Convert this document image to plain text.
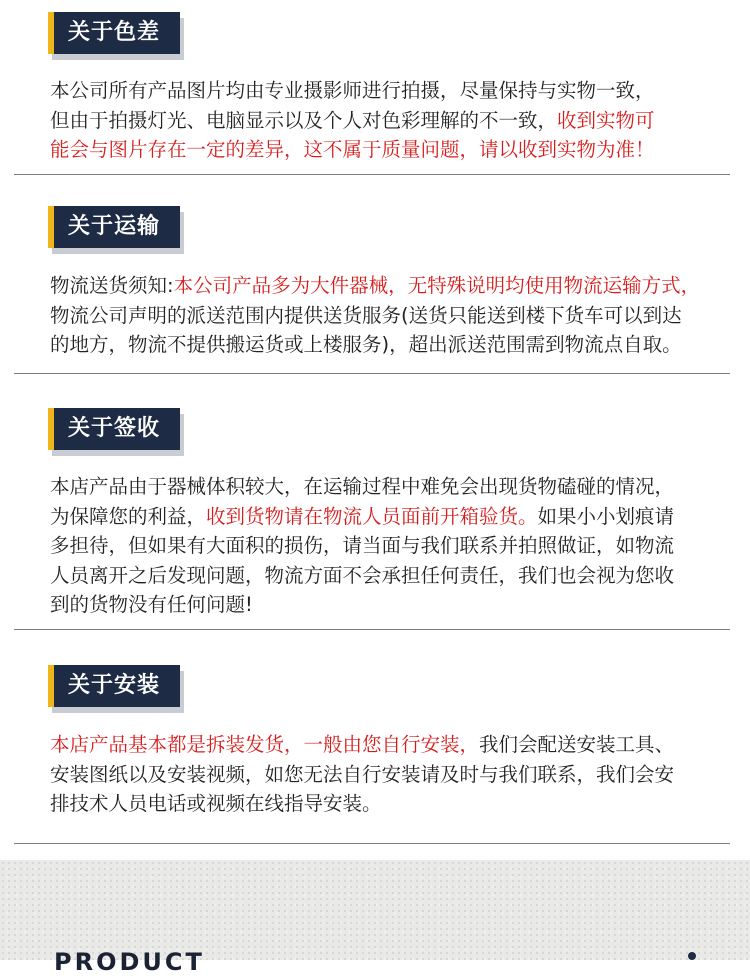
关于色差
本公司所有产品图片均由专业摄影师进行拍摄，尽量保持与实物一致，
但由于拍摄灯光、电脑显示以及个人对色彩理解的不一致，收到实物可
能会与图片存在一定的差异，这不属于质量问题，请以收到实物为准！
关于运输
物流送货须知:本公司产品多为大件器械，无特殊说明均使用物流运输方式，
物流公司声明的派送范围内提供送货服务(送货只能送到楼下货车可以到达
的地方，物流不提供搬运货或上楼服务)，超出派送范围需到物流点自取。
关于签收
本店产品由于器械体积较大，在运输过程中难免会出现货物磕碰的情况，
为保障您的利益，收到货物请在物流人员面前开箱验货。如果小小划痕请
多担待，但如果有大面积的损伤，请当面与我们联系并拍照做证，如物流
人员离开之后发现问题，物流方面不会承担任何责任，我们也会视为您收
到的货物没有任何问题!
关于安装
本店产品基本都是拆装发货，一般由您自行安装，我们会配送安装工具、
安装图纸以及安装视频，如您无法自行安装请及时与我们联系，我们会安
排技术人员电话或视频在线指导安装。
PRODUCT
